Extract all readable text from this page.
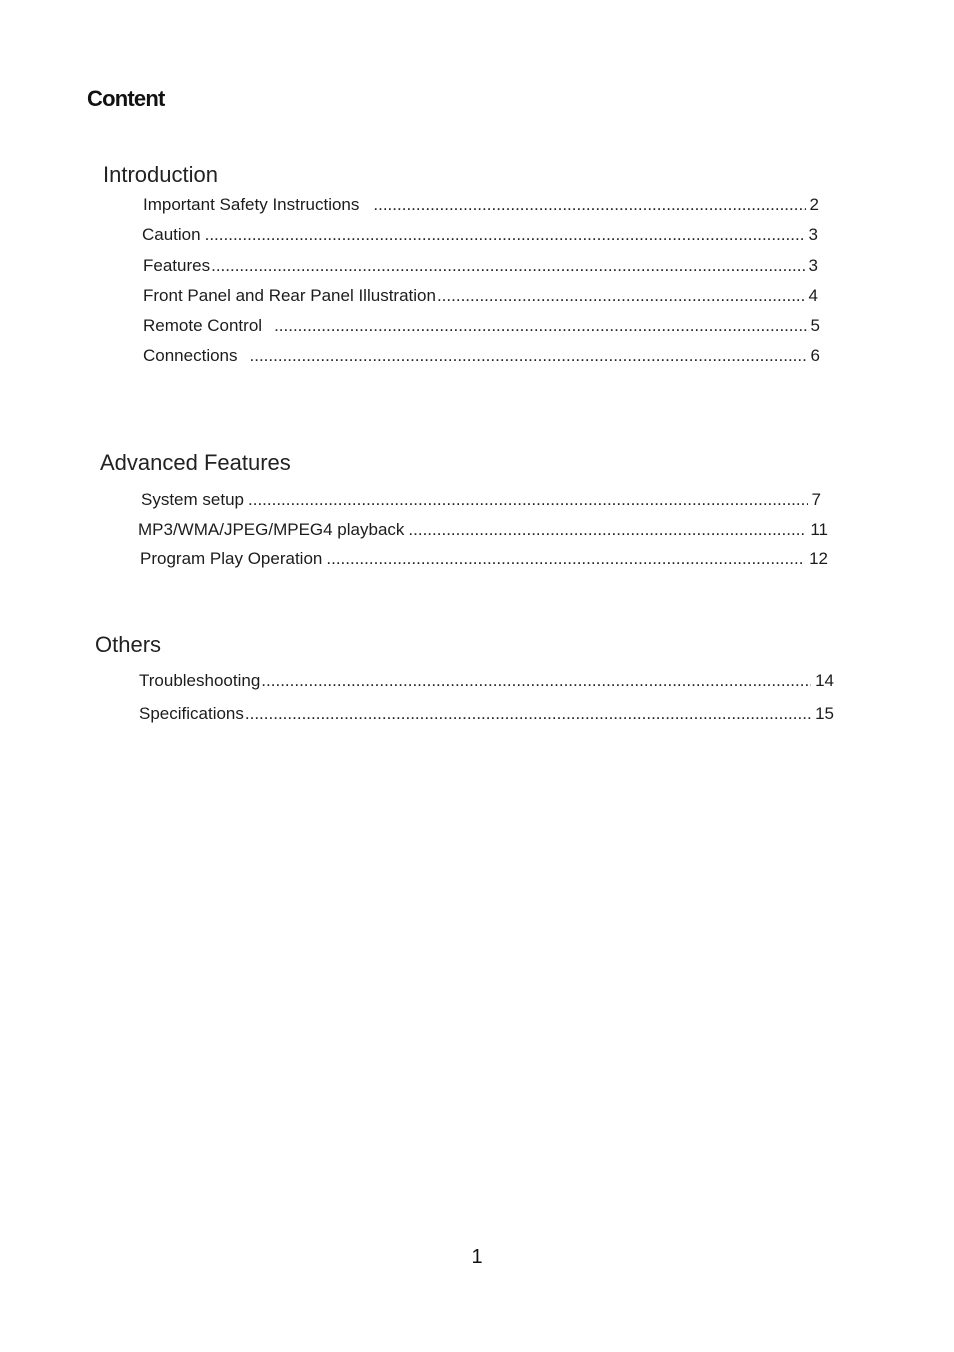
Content
Introduction
Important Safety Instructions .....	2
Caution .....	3
Features .....	3
Front Panel and Rear Panel Illustration .....	4
Remote Control .....	5
Connections .....	6
Advanced Features
System setup .....	7
MP3/WMA/JPEG/MPEG4 playback .....	11
Program Play Operation .....	12
Others
Troubleshooting .....	14
Specifications .....	15
1
